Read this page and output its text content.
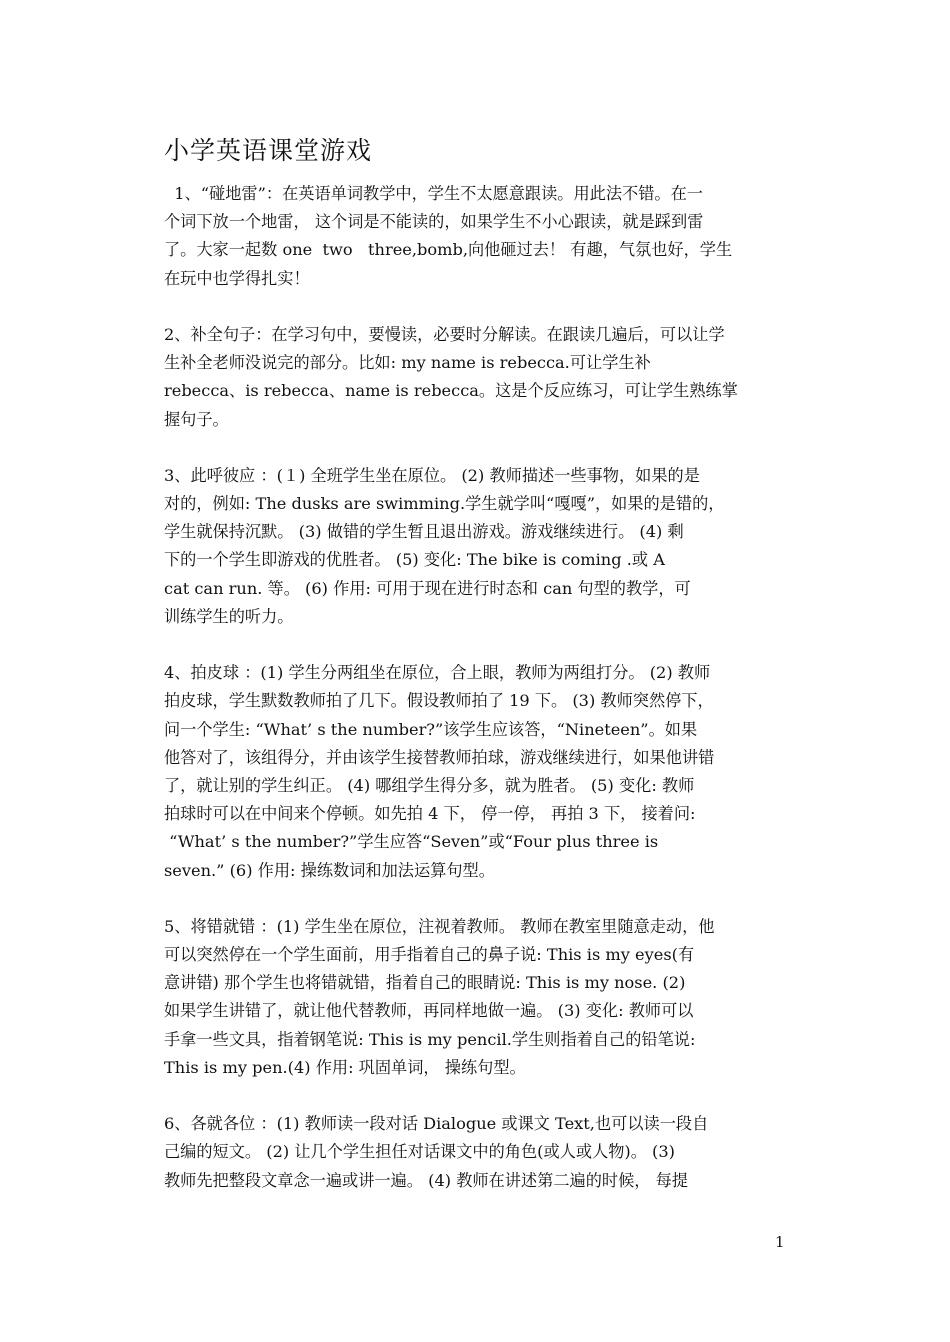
小学英语课堂游戏
1、“碰地雷”：在英语单词教学中，学生不太愿意跟读。用此法不错。在一
个词下放一个地雷， 这个词是不能读的，如果学生不小心跟读，就是踩到雷
了。大家一起数 one  two   three,bomb,向他砸过去！ 有趣，气氛也好，学生
在玩中也学得扎实！
2、补全句子：在学习句中，要慢读，必要时分解读。在跟读几遍后，可以让学
生补全老师没说完的部分。比如: my name is rebecca.可让学生补
rebecca、is rebecca、name is rebecca。这是个反应练习，可让学生熟练掌
握句子。
3、此呼彼应 ：(１) 全班学生坐在原位。 (2) 教师描述一些事物，如果的是
对的，例如: The dusks are swimming.学生就学叫“嘎嘎”，如果的是错的，
学生就保持沉默。 (3) 做错的学生暂且退出游戏。游戏继续进行。 (4) 剩
下的一个学生即游戏的优胜者。 (5) 变化: The bike is coming .或 A
cat can run. 等。 (6) 作用: 可用于现在进行时态和 can 句型的教学，可
训练学生的听力。
4、拍皮球 ：(1) 学生分两组坐在原位，合上眼，教师为两组打分。 (2) 教师
拍皮球，学生默数教师拍了几下。假设教师拍了 19 下。 (3) 教师突然停下，
问一个学生: “What’ s the number?”该学生应该答，“Nineteen”。如果
他答对了，该组得分，并由该学生接替教师拍球，游戏继续进行，如果他讲错
了，就让别的学生纠正。 (4) 哪组学生得分多，就为胜者。 (5) 变化: 教师
拍球时可以在中间来个停顿。如先拍 4 下， 停一停， 再拍 3 下， 接着问:
“What’ s the number?”学生应答“Seven”或“Four plus three is
seven.” (6) 作用: 操练数词和加法运算句型。
5、将错就错 ：(1) 学生坐在原位，注视着教师。 教师在教室里随意走动，他
可以突然停在一个学生面前，用手指着自己的鼻子说: This is my eyes(有
意讲错) 那个学生也将错就错，指着自己的眼睛说: This is my nose. (2)
如果学生讲错了，就让他代替教师，再同样地做一遍。 (3) 变化: 教师可以
手拿一些文具，指着钢笔说: This is my pencil.学生则指着自己的铅笔说:
This is my pen.(4) 作用: 巩固单词， 操练句型。
6、各就各位 ：(1) 教师读一段对话 Dialogue 或课文 Text,也可以读一段自
己编的短文。 (2) 让几个学生担任对话课文中的角色(或人或人物)。 (3)
教师先把整段文章念一遍或讲一遍。 (4) 教师在讲述第二遍的时候， 每提
1
